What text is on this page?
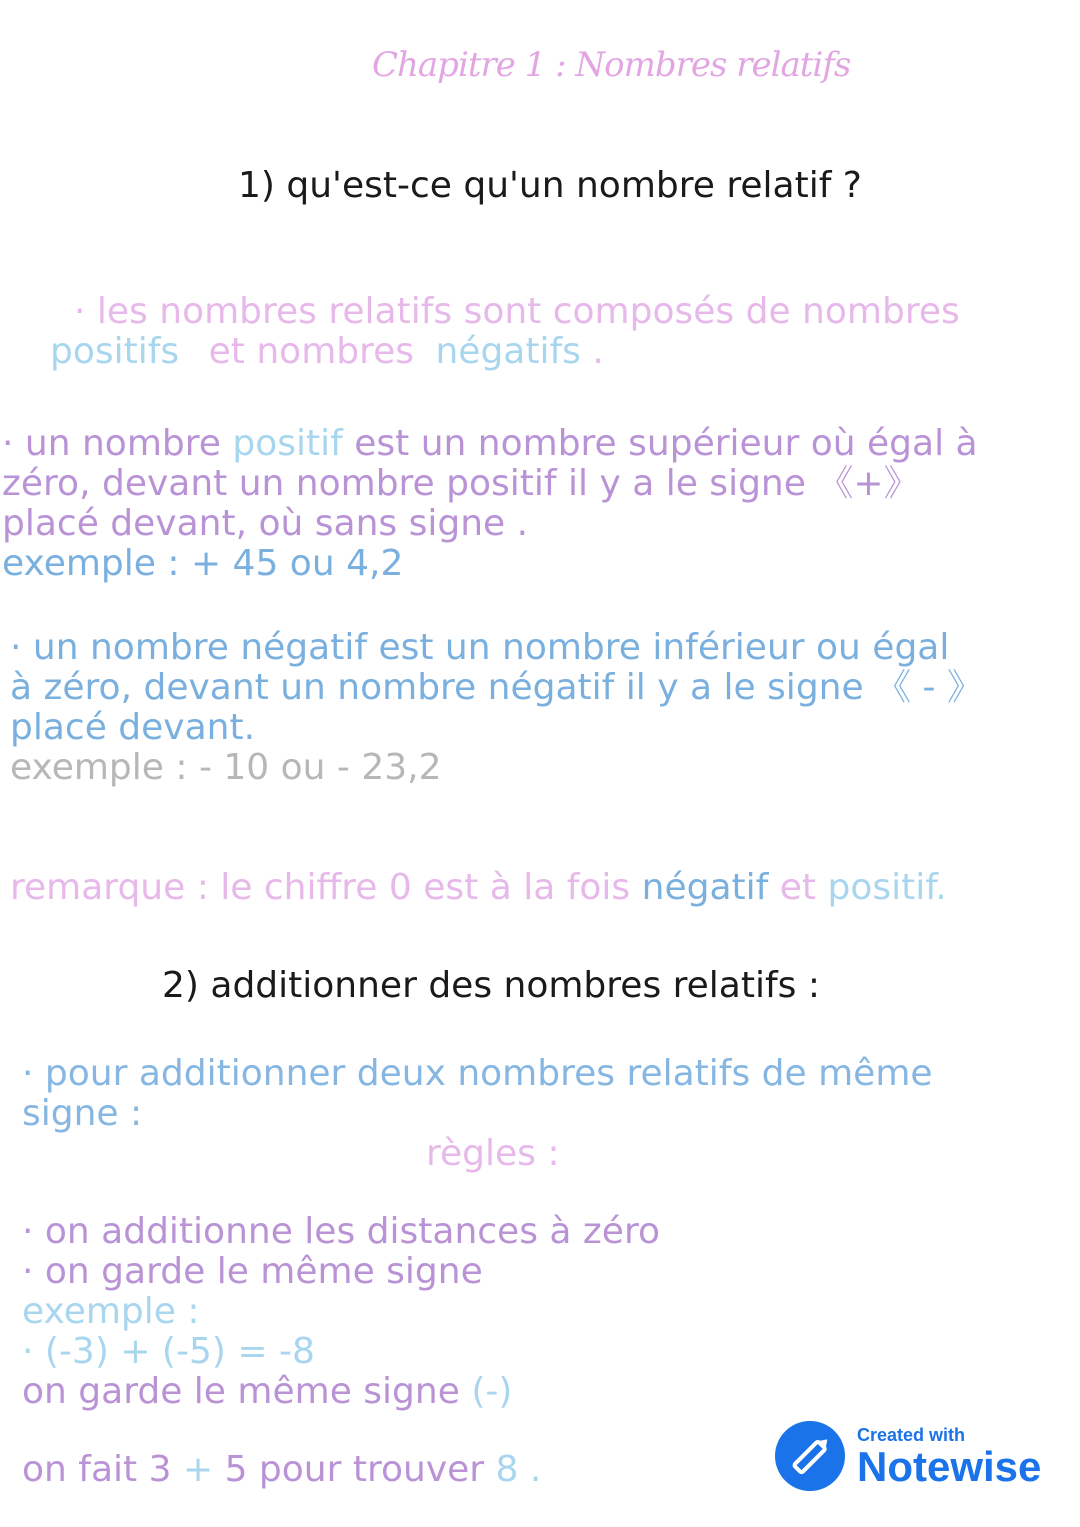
Chapitre 1 : Nombres relatifs
1) qu'est-ce qu'un nombre relatif ?
· les nombres relatifs sont composés de nombres
positifs et nombres négatifs .
· un nombre positif est un nombre supérieur où égal à
zéro, devant un nombre positif il y a le signe 《+》
placé devant, où sans signe .
exemple : + 45 ou 4,2
· un nombre négatif est un nombre inférieur ou égal
à zéro, devant un nombre négatif il y a le signe 《 - 》
placé devant.
exemple : - 10 ou - 23,2
remarque : le chiffre 0 est à la fois négatif et positif.
2) additionner des nombres relatifs :
· pour additionner deux nombres relatifs de même
signe :
règles :
· on additionne les distances à zéro
· on garde le même signe
exemple :
· (-3) + (-5) = -8
on garde le même signe (-)
on fait 3 + 5 pour trouver 8 .
Created with
Notewise
